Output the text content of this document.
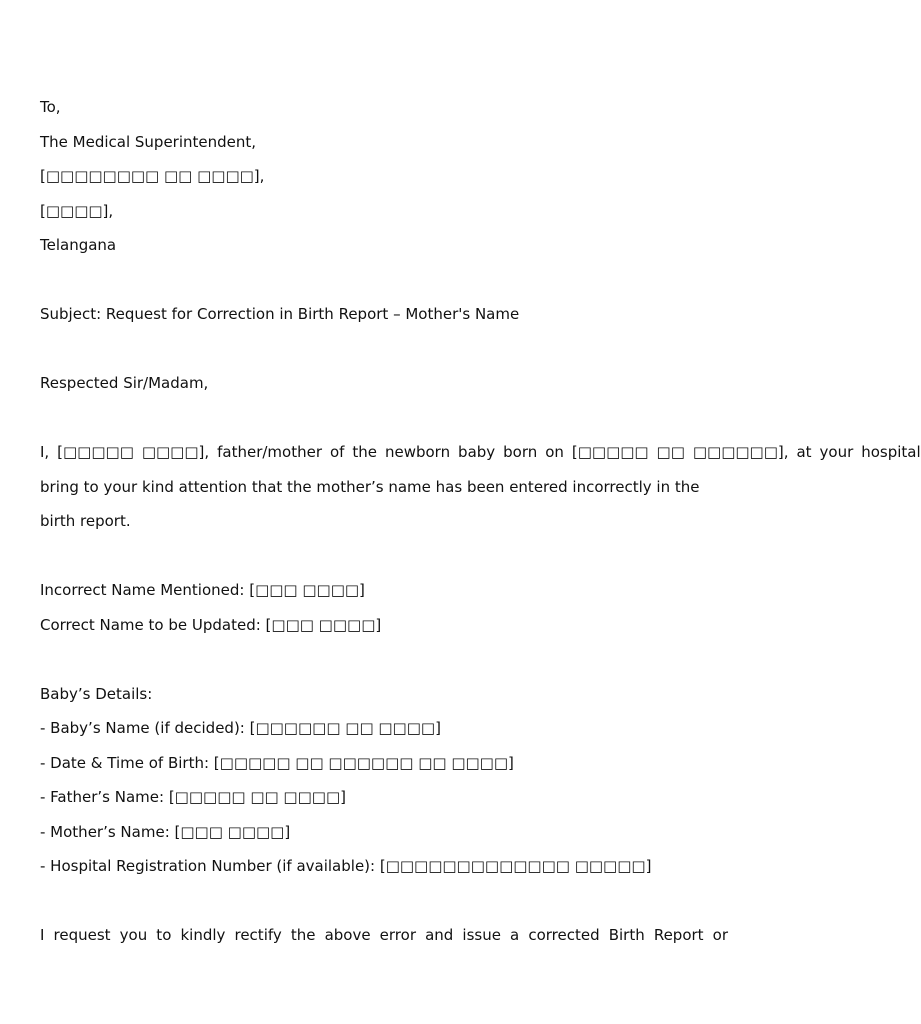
To,
The Medical Superintendent,
[□□□□□□□□ □□ □□□□],
[□□□□],
Telangana
Subject: Request for Correction in Birth Report – Mother's Name
Respected Sir/Madam,
I, [□□□□□ □□□□], father/mother of the newborn baby born on [□□□□□ □□ □□□□□□], at your hospital
bring to your kind attention that the mother’s name has been entered incorrectly in the
birth report.
Incorrect Name Mentioned: [□□□ □□□□]
Correct Name to be Updated: [□□□ □□□□]
Baby’s Details:
- Baby’s Name (if decided): [□□□□□□ □□ □□□□]
- Date & Time of Birth: [□□□□□ □□ □□□□□□ □□ □□□□]
- Father’s Name: [□□□□□ □□ □□□□]
- Mother’s Name: [□□□ □□□□]
- Hospital Registration Number (if available): [□□□□□□□□□□□□□ □□□□□]
I request you to kindly rectify the above error and issue a corrected Birth Report or
